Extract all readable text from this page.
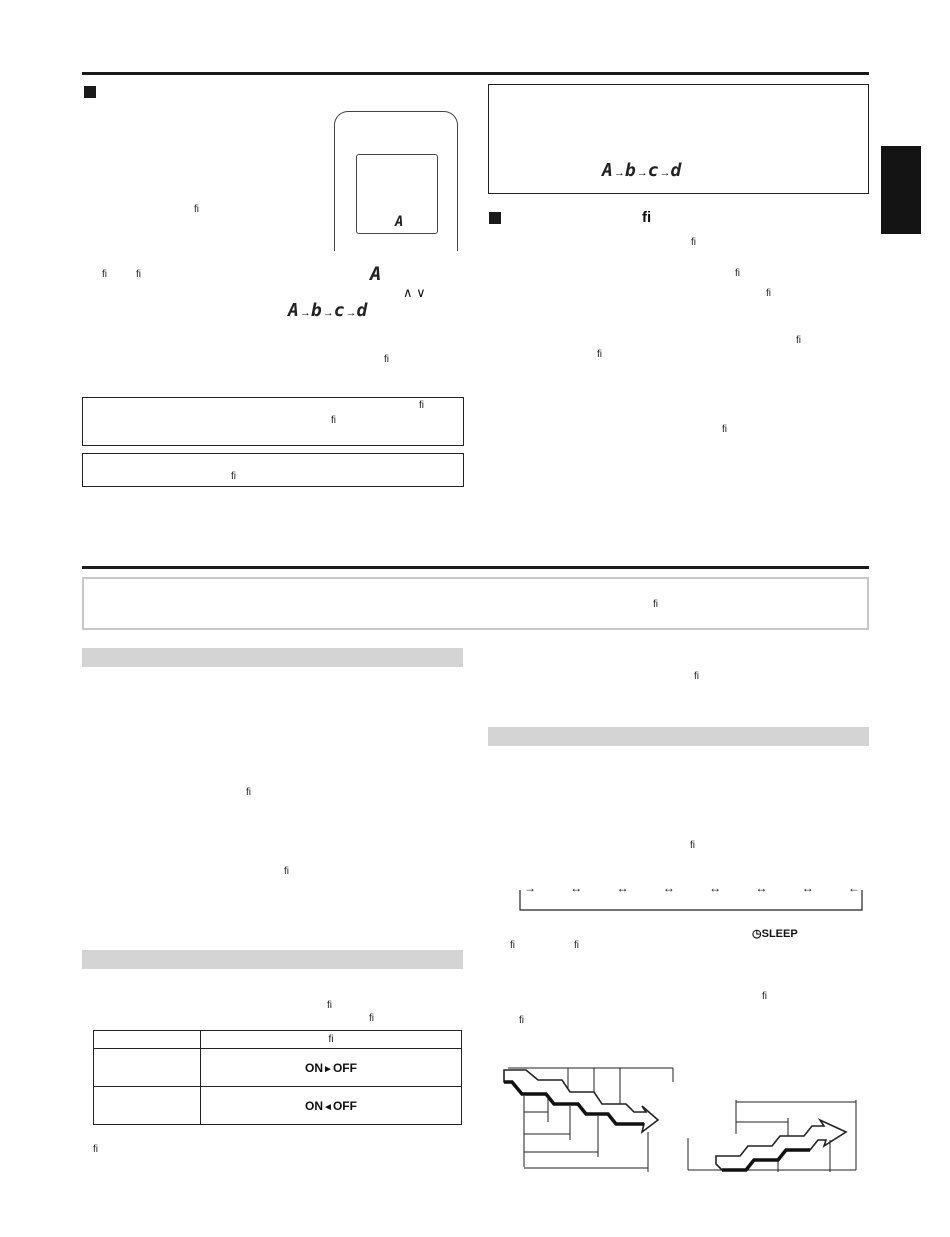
A
fi
fi	fi	A
∧ ∨
A→b→c→d
fi
fi
fi
fi
A→b→c→d
fi
fi
fi
fi
fi
fi
fi
fi
fi
fi
fi
fi
	fi
	ON►OFF
	ON◄OFF
fi
fi
fi
→	↔	↔	↔	↔	↔	↔	←
◷SLEEP
fi	fi
fi
fi
